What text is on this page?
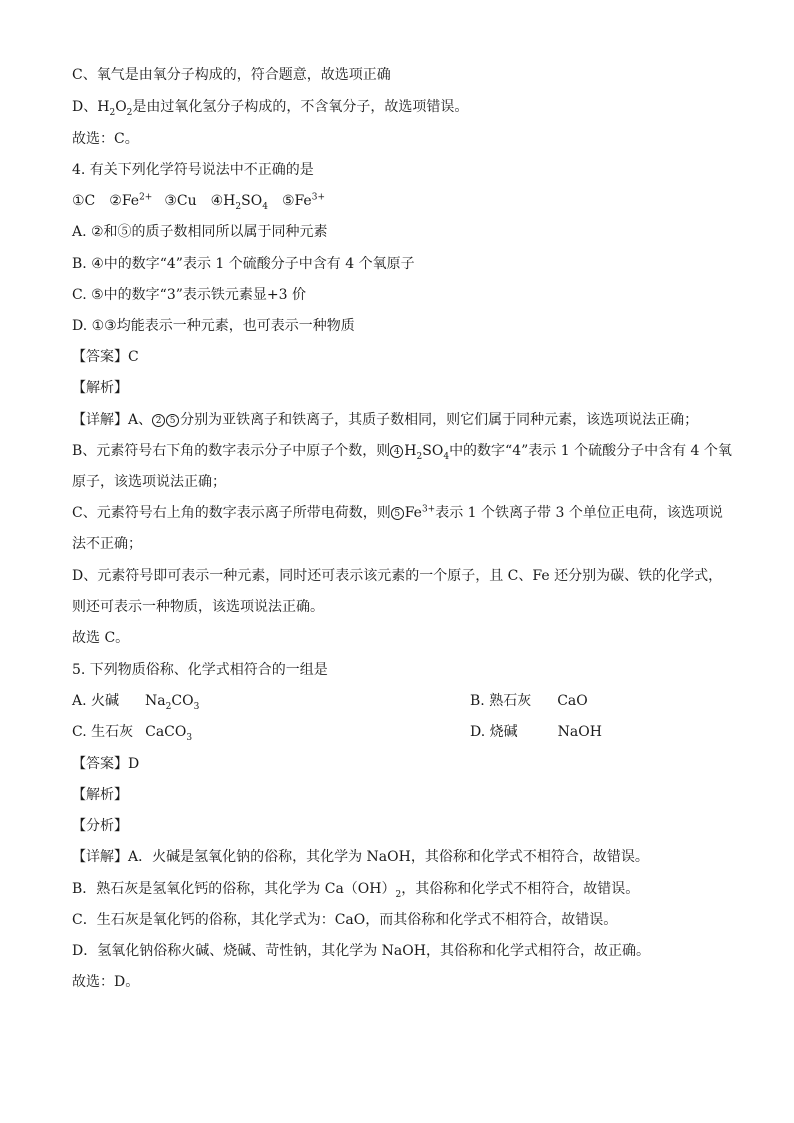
C、氧气是由氧分子构成的，符合题意，故选项正确
D、$H_2O_2$是由过氧化氢分子构成的，不含氧分子，故选项错误。
故选：C。
4. 有关下列化学符号说法中不正确的是
①C $②Fe^{2+}$ ③Cu $④H_2SO_4$ $⑤Fe^{3+}$
A. ②和⑤的质子数相同所以属于同种元素
B. ④中的数字“4”表示 1 个硫酸分子中含有 4 个氧原子
C. ⑤中的数字“3”表示铁元素显+3 价
D. ①③均能表示一种元素，也可表示一种物质
【答案】C
【解析】
【详解】A、 2 5 分别为亚铁离子和铁离子，其质子数相同，则它们属于同种元素，该选项说法正确；
B、元素符号右下角的数字表示分子中原子个数，则 4 $H_2SO_4$中的数字“4”表示 1 个硫酸分子中含有 4 个氧
原子，该选项说法正确；
C、元素符号右上角的数字表示离子所带电荷数，则 5 $Fe^{3+}$表示 1 个铁离子带 3 个单位正电荷，该选项说
法不正确；
D、元素符号即可表示一种元素，同时还可表示该元素的一个原子，且 C、Fe 还分别为碳、铁的化学式，
则还可表示一种物质，该选项说法正确。
故选 C。
5. 下列物质俗称、化学式相符合的一组是
A. 火碱 $Na_2CO_3$	B. 熟石灰 CaO
C. 生石灰 CaCO$_3$	D. 烧碱	NaOH
【答案】D
【解析】
【分析】
【详解】A．火碱是氢氧化钠的俗称，其化学为 NaOH，其俗称和化学式不相符合，故错误。
B．熟石灰是氢氧化钙的俗称，其化学为 $Ca(OH)_2$，其俗称和化学式不相符合，故错误。
C．生石灰是氧化钙的俗称，其化学式为：CaO，而其俗称和化学式不相符合，故错误。
D．氢氧化钠俗称火碱、烧碱、苛性钠，其化学为 NaOH，其俗称和化学式相符合，故正确。
故选：D。
